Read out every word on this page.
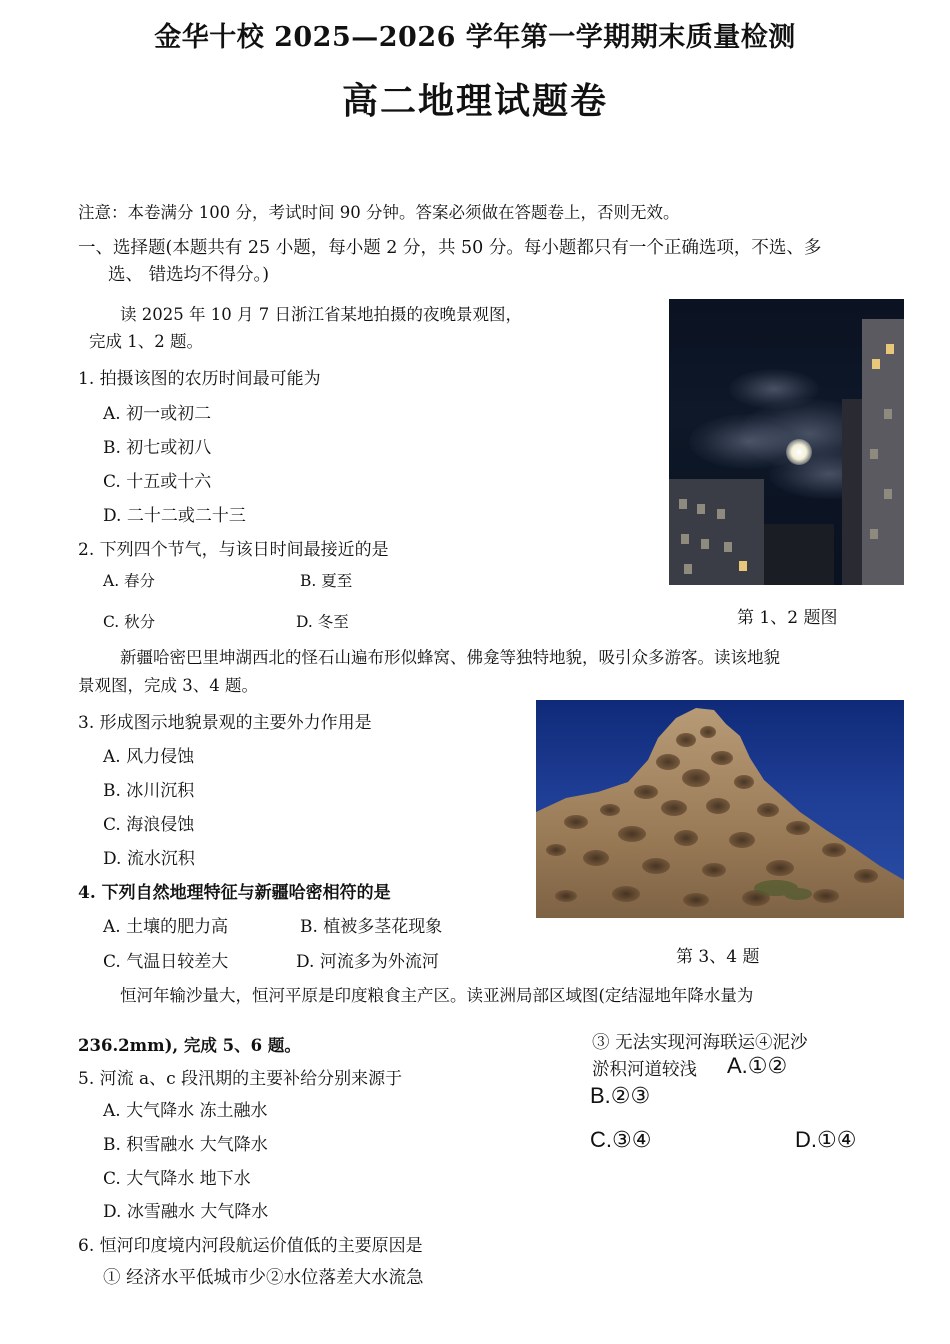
金华十校 2025—2026 学年第一学期期末质量检测
高二地理试题卷
注意：本卷满分 100 分，考试时间 90 分钟。答案必须做在答题卷上，否则无效。
一、选择题(本题共有 25 小题，每小题 2 分，共 50 分。每小题都只有一个正确选项，不选、多
选、 错选均不得分。)
读 2025 年 10 月 7 日浙江省某地拍摄的夜晚景观图，
完成 1、2 题。
1. 拍摄该图的农历时间最可能为
A. 初一或初二
B. 初七或初八
C. 十五或十六
D. 二十二或二十三
2. 下列四个节气，与该日时间最接近的是
A. 春分	B. 夏至
C. 秋分	D. 冬至	第 1、2 题图
新疆哈密巴里坤湖西北的怪石山遍布形似蜂窝、佛龛等独特地貌，吸引众多游客。读该地貌
景观图，完成 3、4 题。
3. 形成图示地貌景观的主要外力作用是
A. 风力侵蚀
B. 冰川沉积
C. 海浪侵蚀
D. 流水沉积
4. 下列自然地理特征与新疆哈密相符的是
A. 土壤的肥力高	B. 植被多茎花现象
C. 气温日较差大	D. 河流多为外流河	第 3、4 题
恒河年输沙量大，恒河平原是印度粮食主产区。读亚洲局部区域图(定结湿地年降水量为
236.2mm), 完成 5、6 题。
5. 河流 a、c 段汛期的主要补给分别来源于
A. 大气降水 冻土融水
B. 积雪融水 大气降水
C. 大气降水 地下水
D. 冰雪融水 大气降水
6. 恒河印度境内河段航运价值低的主要原因是
① 经济水平低城市少②水位落差大水流急
③ 无法实现河海联运④泥沙
淤积河道较浅 A.①②
B.②③
C.③④	D.①④
